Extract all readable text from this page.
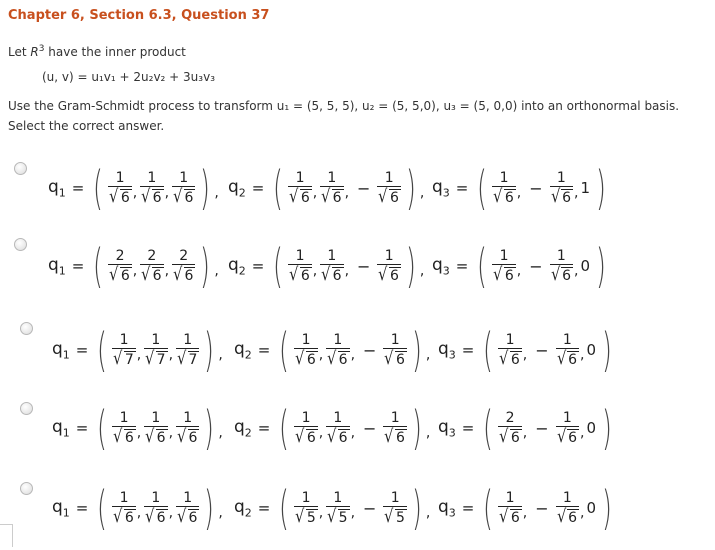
Chapter 6, Section 6.3, Question 37
Let $R^3$ have the inner product
(u, v) = u₁v₁ + 2u₂v₂ + 3u₃v₃
Use the Gram-Schmidt process to transform u₁ = (5, 5, 5), u₂ = (5, 5,0), u₃ = (5, 0,0) into an orthonormal basis.
Select the correct answer.
$q_1$ = ( $\frac{1}{√ 6}$ , $\frac{1}{√ 6}$ , $\frac{1}{√ 6}$ ) , $q_2$ = ( $\frac{1}{√ 6}$ , $\frac{1}{√ 6}$ , − $\frac{1}{√ 6}$ ) , $q_3$ = ( $\frac{1}{√ 6}$ , − $\frac{1}{√ 6}$ , 1 )
$q_1$ = ( $\frac{2}{√ 6}$ , $\frac{2}{√ 6}$ , $\frac{2}{√ 6}$ ) , $q_2$ = ( $\frac{1}{√ 6}$ , $\frac{1}{√ 6}$ , − $\frac{1}{√ 6}$ ) , $q_3$ = ( $\frac{1}{√ 6}$ , − $\frac{1}{√ 6}$ , 0 )
$q_1$ = ( $\frac{1}{√ 7}$ , $\frac{1}{√ 7}$ , $\frac{1}{√ 7}$ ) , $q_2$ = ( $\frac{1}{√ 6}$ , $\frac{1}{√ 6}$ , − $\frac{1}{√ 6}$ ) , $q_3$ = ( $\frac{1}{√ 6}$ , − $\frac{1}{√ 6}$ , 0 )
$q_1$ = ( $\frac{1}{√ 6}$ , $\frac{1}{√ 6}$ , $\frac{1}{√ 6}$ ) , $q_2$ = ( $\frac{1}{√ 6}$ , $\frac{1}{√ 6}$ , − $\frac{1}{√ 6}$ ) , $q_3$ = ( $\frac{2}{√ 6}$ , − $\frac{1}{√ 6}$ , 0 )
$q_1$ = ( $\frac{1}{√ 6}$ , $\frac{1}{√ 6}$ , $\frac{1}{√ 6}$ ) , $q_2$ = ( $\frac{1}{√ 5}$ , $\frac{1}{√ 5}$ , − $\frac{1}{√ 5}$ ) , $q_3$ = ( $\frac{1}{√ 6}$ , − $\frac{1}{√ 6}$ , 0 )
